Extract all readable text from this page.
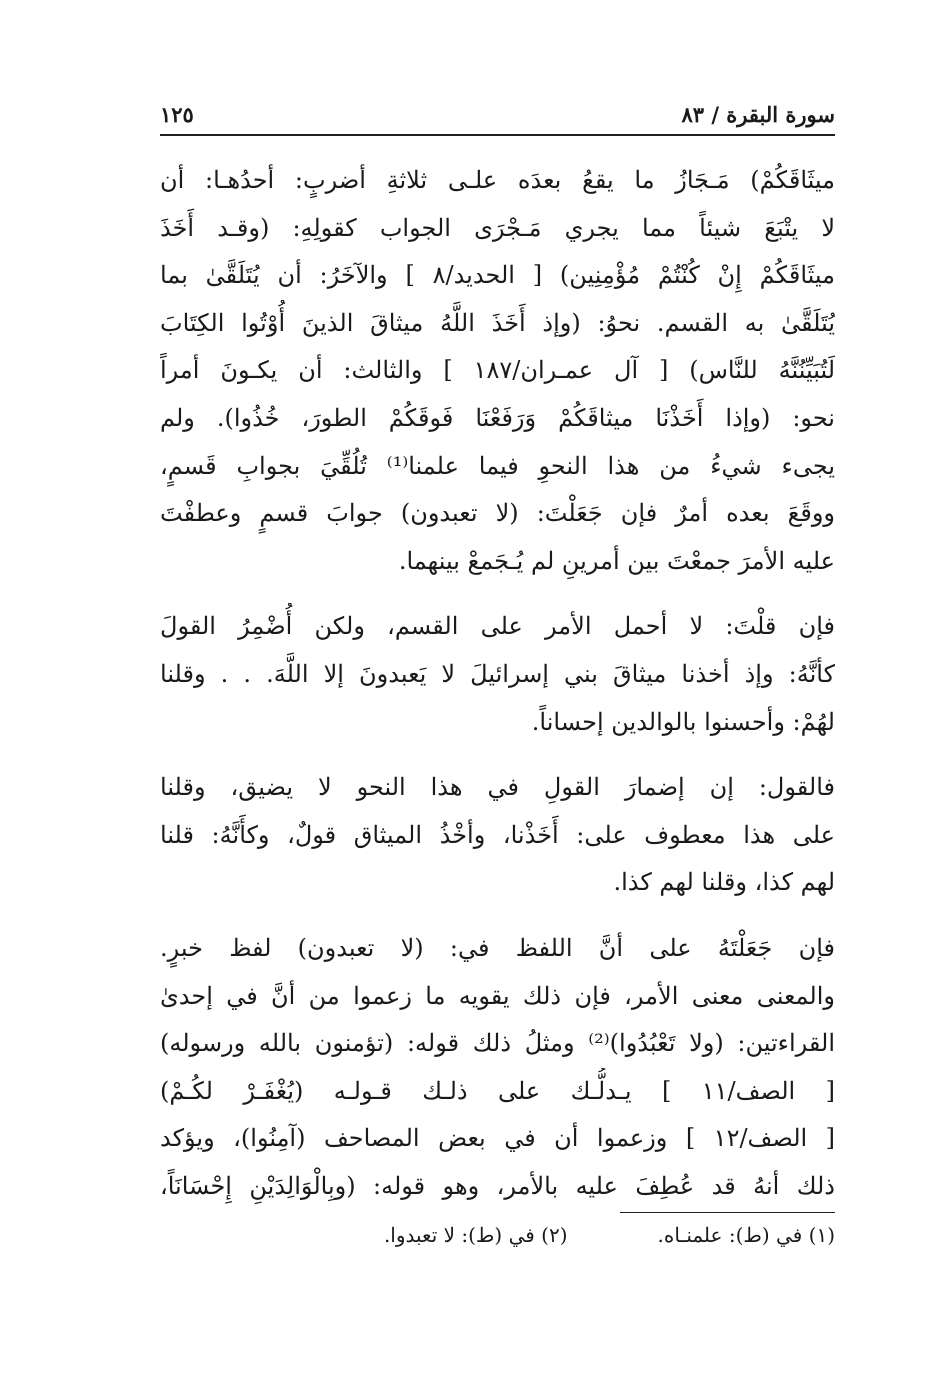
سورة البقرة / ٨٣
١٢٥
ميثَاقَكُمْ) مَـجَازُ ما يقعُ بعدَه علـى ثلاثةِ أضربٍ: أحدُهـا: أن
لا يتْبَعَ شيئاً مما يجري مَـجْرَى الجواب كقولِهِ: (وقـد أَخَذَ
ميثَاقَكُمْ إِنْ كُنْتُمْ مُؤْمِنِين) [ الحديد/٨ ] والآخَرُ: أن يُتَلَقَّىٰ بما
يُتَلَقَّىٰ به القسم. نحوُ: (وإذ أَخَذَ اللَّهُ ميثاقَ الذينَ أُوْتُوا الكِتَابَ
لَتُبَيِّنُنَّهُ للنَّاس) [ آل عمـران/١٨٧ ] والثالث: أن يكـونَ أمراً
نحو: (وإذا أَخَذْنَا ميثاقَكُمْ وَرَفَعْنَا فَوقَكُمْ الطورَ، خُذُوا). ولم
يجىء شيءُ من هذا النحوِ فيما علمنا⁽¹⁾ تُلُقِّيَ بجوابِ قَسمٍ،
ووقَعَ بعده أمرٌ فإن جَعَلْتَ: (لا تعبدون) جوابَ قسمٍ وعطفْتَ
عليه الأمرَ جمعْتَ بين أمرينِ لم يُـجَمعْ بينهما.
فإن قلْتَ: لا أحمل الأمر على القسم، ولكن أُضْمِرُ القولَ
كأنَّهُ: وإذ أخذنا ميثاقَ بني إسرائيلَ لا يَعبدونَ إلا اللَّهَ. . . وقلنا
لهُمْ: وأحسنوا بالوالدين إحساناً.
فالقول: إن إضمارَ القولِ في هذا النحو لا يضيق، وقلنا
على هذا معطوف على: أَخَذْنا، وأخْذُ الميثاق قولٌ، وكأَنَّهُ: قلنا
لهم كذا، وقلنا لهم كذا.
فإن جَعَلْتَهُ على أنَّ اللفظ في: (لا تعبدون) لفظ خبرٍ.
والمعنى معنى الأمر، فإن ذلك يقويه ما زعموا من أنَّ في إحدىٰ
القراءتين: (ولا تَعْبُدُوا)⁽²⁾ ومثلُ ذلك قوله: (تؤمنون بالله ورسوله)
[ الصف/١١ ] يـدلُّـك على ذلـك قـولـه (يُغْفَـرْ لكُـمْ)
[ الصف/١٢ ] وزعموا أن في بعض المصاحف (آمِنُوا)، ويؤكد
ذلك أنهُ قد عُطِفَ عليه بالأمر، وهو قوله: (وبِالْوَالِدَيْنِ إِحْسَانَاً،
(١) في (ط): علمنـاه.
(٢) في (ط): لا تعبدوا.
